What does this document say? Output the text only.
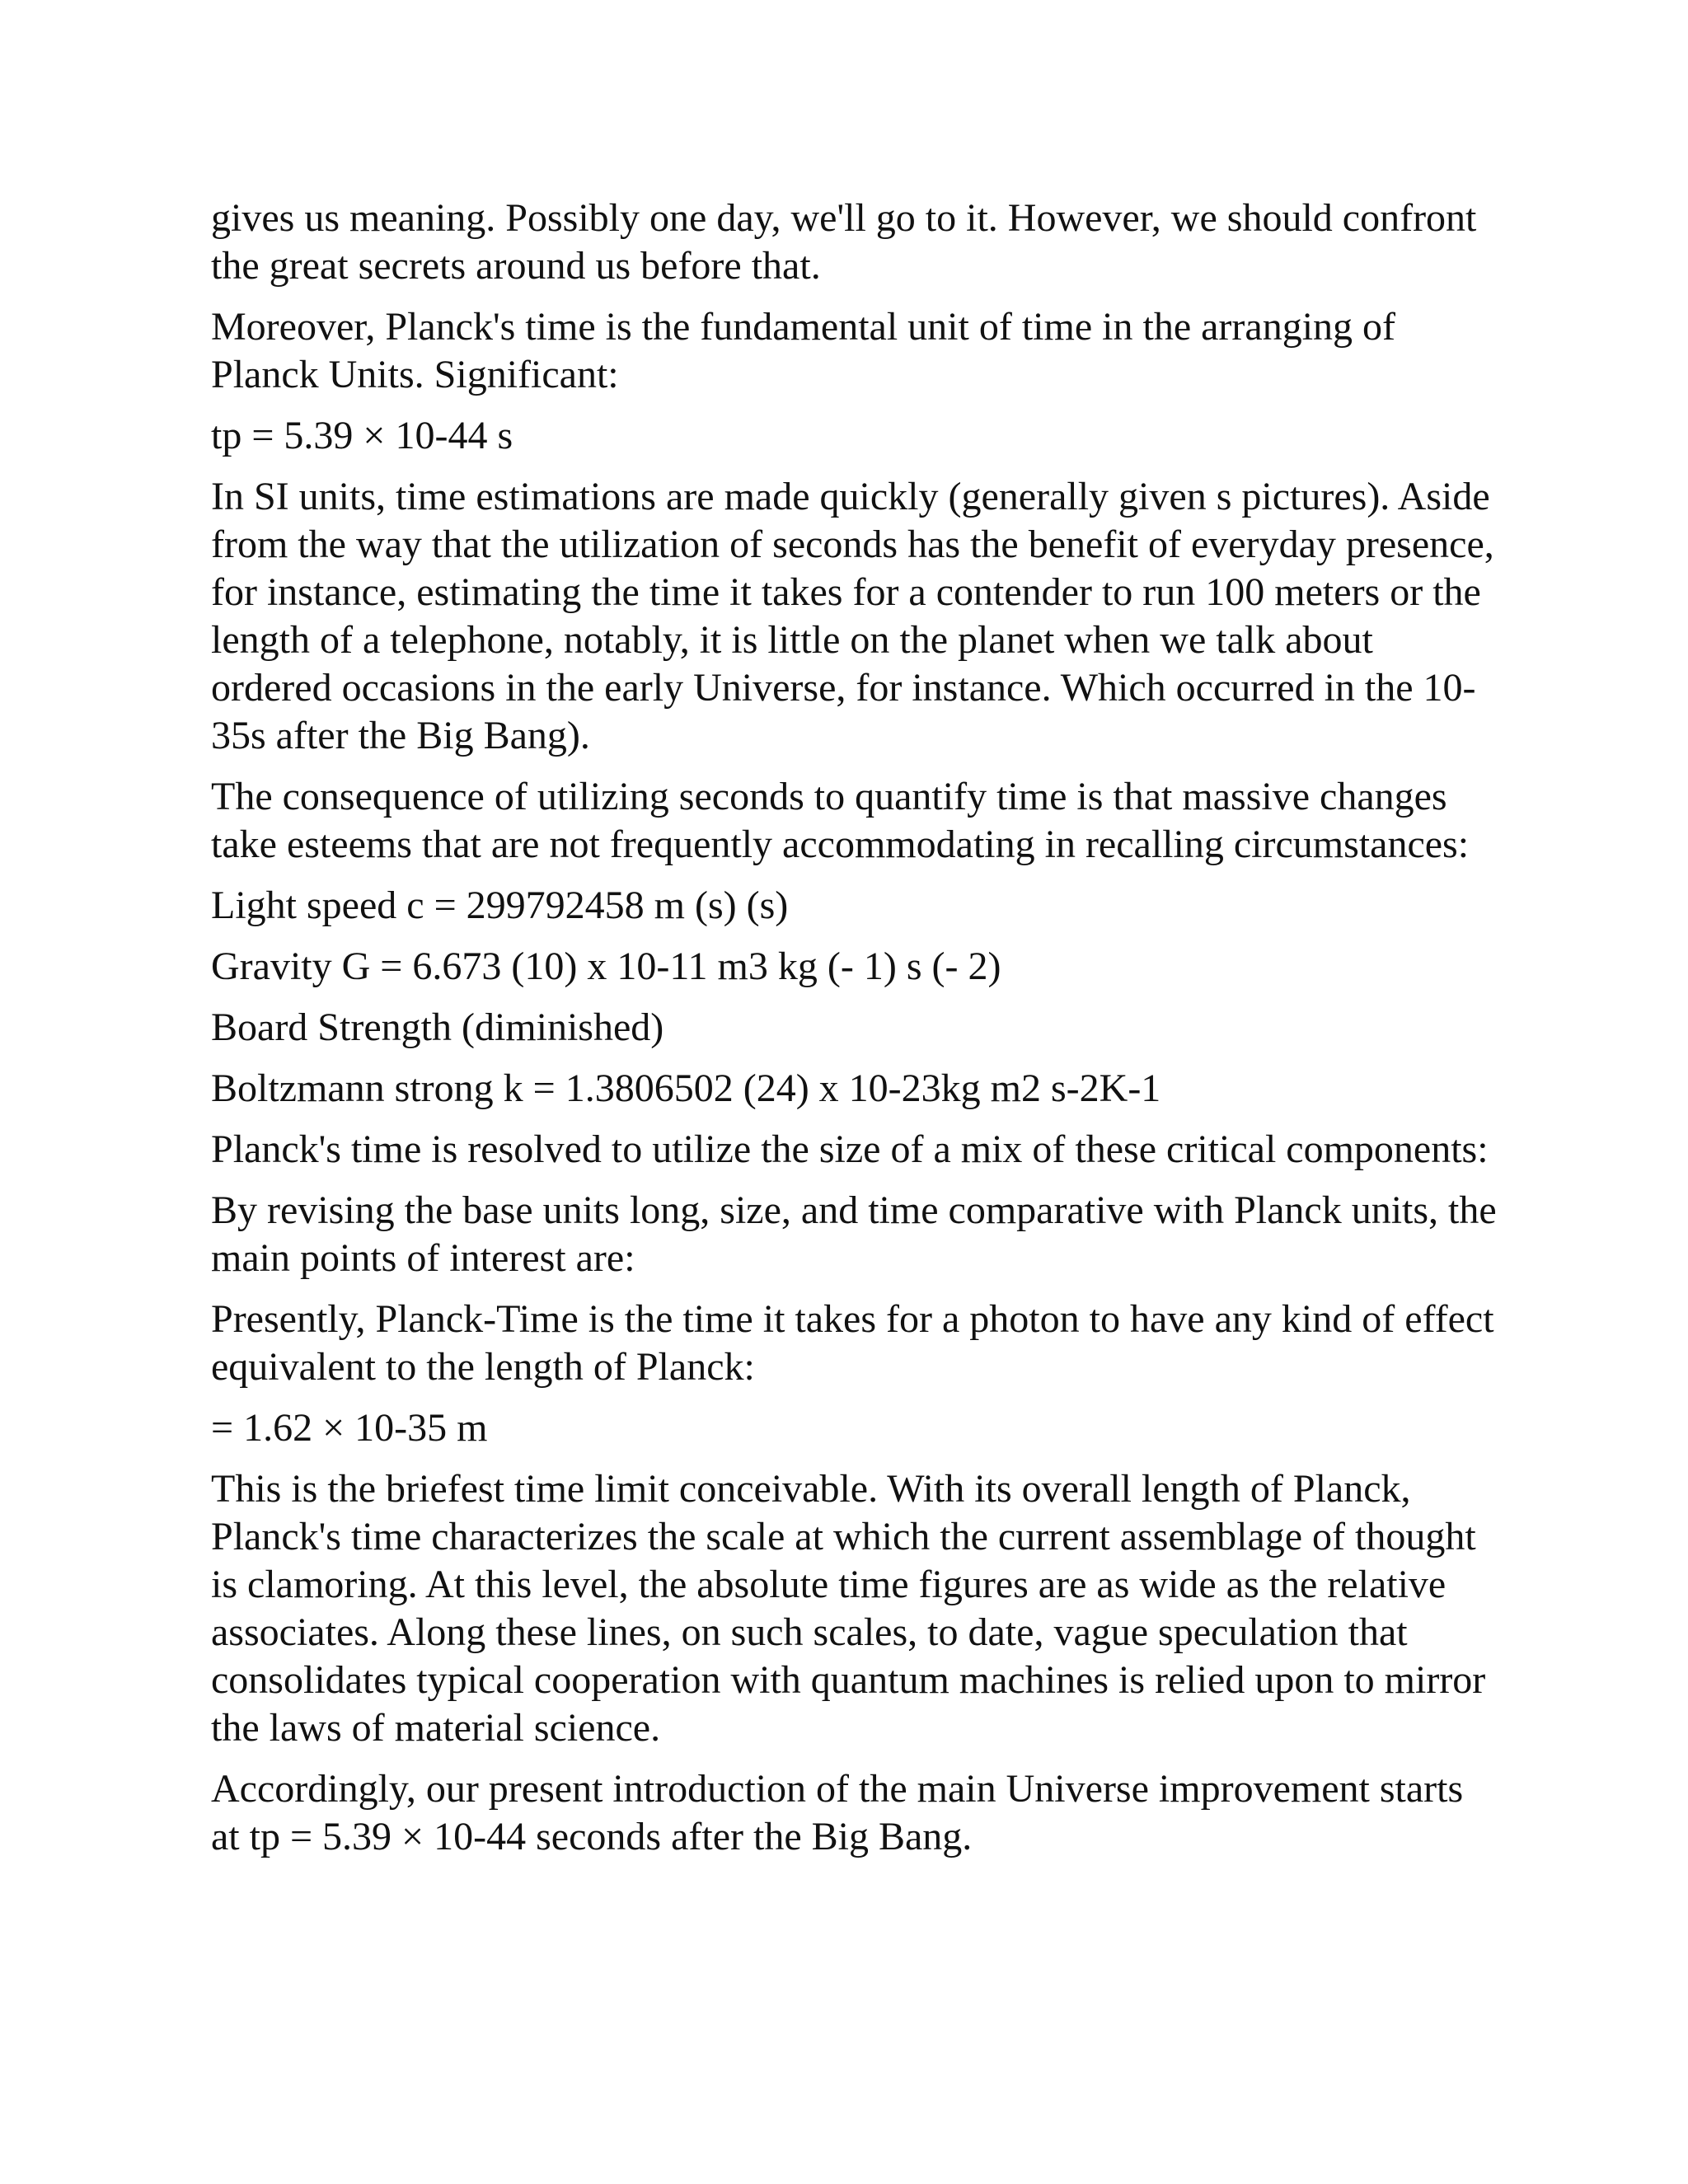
gives us meaning. Possibly one day, we'll go to it. However, we should confront the great secrets around us before that.

Moreover, Planck's time is the fundamental unit of time in the arranging of Planck Units. Significant:

tp = 5.39 × 10-44 s

In SI units, time estimations are made quickly (generally given s pictures). Aside from the way that the utilization of seconds has the benefit of everyday presence, for instance, estimating the time it takes for a contender to run 100 meters or the length of a telephone, notably, it is little on the planet when we talk about ordered occasions in the early Universe, for instance. Which occurred in the 10-35s after the Big Bang).

The consequence of utilizing seconds to quantify time is that massive changes take esteems that are not frequently accommodating in recalling circumstances:

Light speed c = 299792458 m (s) (s)

Gravity G = 6.673 (10) x 10-11 m3 kg (- 1) s (- 2)

Board Strength (diminished)

Boltzmann strong k = 1.3806502 (24) x 10-23kg m2 s-2K-1

Planck's time is resolved to utilize the size of a mix of these critical components:

By revising the base units long, size, and time comparative with Planck units, the main points of interest are:

Presently, Planck-Time is the time it takes for a photon to have any kind of effect equivalent to the length of Planck:

= 1.62 × 10-35 m

This is the briefest time limit conceivable. With its overall length of Planck, Planck's time characterizes the scale at which the current assemblage of thought is clamoring. At this level, the absolute time figures are as wide as the relative associates. Along these lines, on such scales, to date, vague speculation that consolidates typical cooperation with quantum machines is relied upon to mirror the laws of material science.

Accordingly, our present introduction of the main Universe improvement starts at tp = 5.39 × 10-44 seconds after the Big Bang.
